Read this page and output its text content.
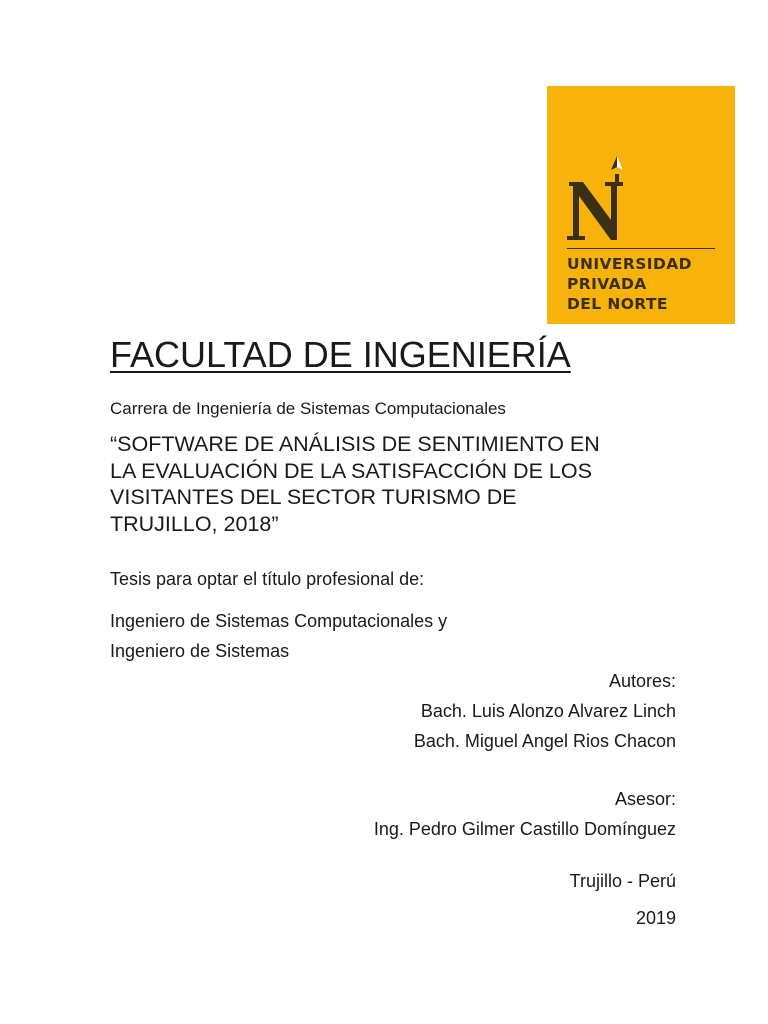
UNIVERSIDAD
PRIVADA
DEL NORTE
FACULTAD DE INGENIERÍA
Carrera de Ingeniería de Sistemas Computacionales
“SOFTWARE DE ANÁLISIS DE SENTIMIENTO EN
LA EVALUACIÓN DE LA SATISFACCIÓN DE LOS
VISITANTES DEL SECTOR TURISMO DE
TRUJILLO, 2018”
Tesis para optar el título profesional de:
Ingeniero de Sistemas Computacionales y
Ingeniero de Sistemas
Autores:
Bach. Luis Alonzo Alvarez Linch
Bach. Miguel Angel Rios Chacon
Asesor:
Ing. Pedro Gilmer Castillo Domínguez
Trujillo - Perú
2019
